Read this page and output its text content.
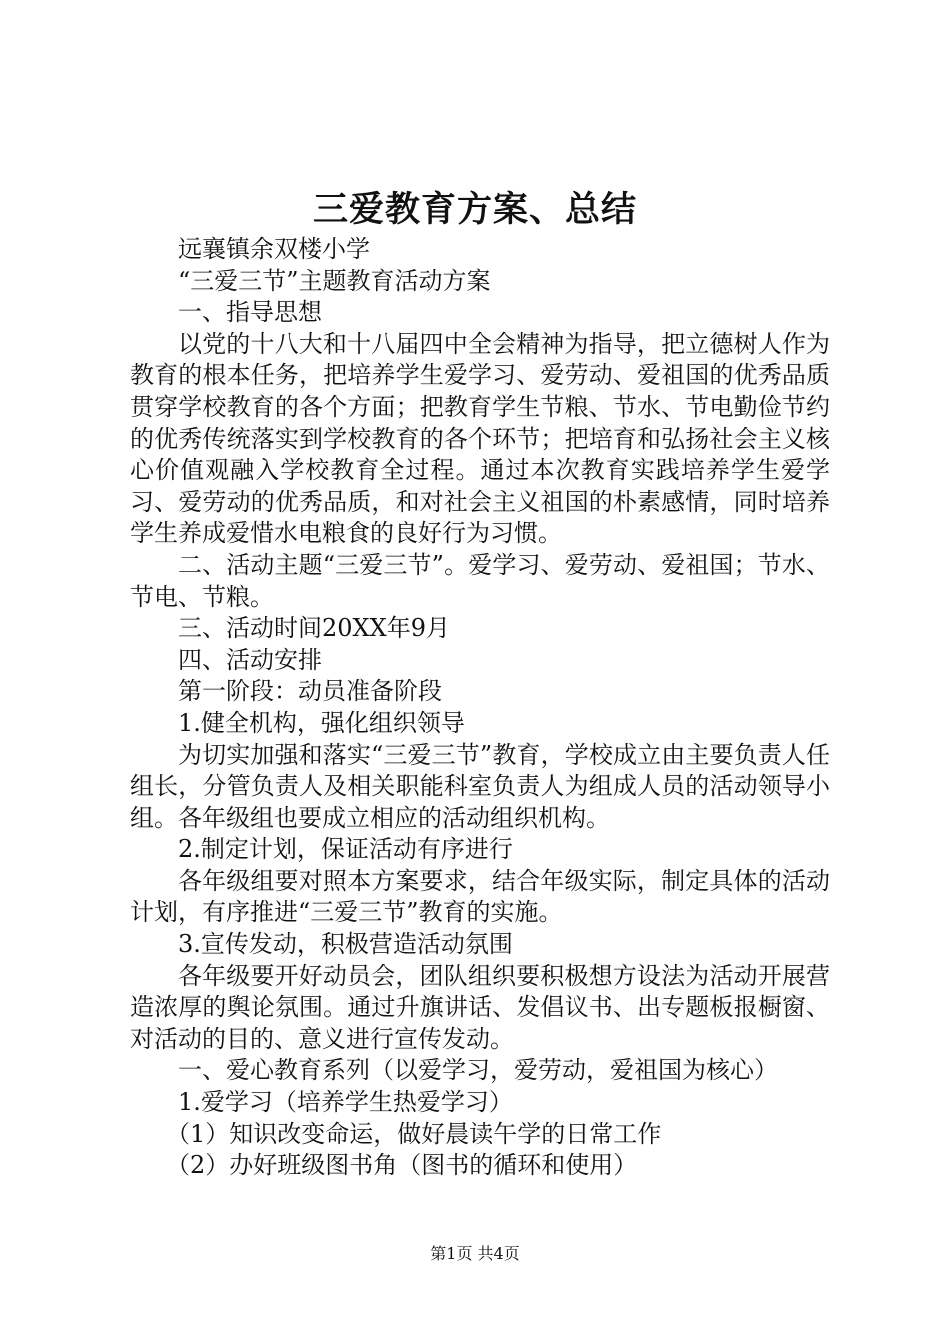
三爱教育方案、总结

远襄镇余双楼小学

“三爱三节”主题教育活动方案

一、指导思想

以党的十八大和十八届四中全会精神为指导，把立德树人作为教育的根本任务，把培养学生爱学习、爱劳动、爱祖国的优秀品质贯穿学校教育的各个方面；把教育学生节粮、节水、节电勤俭节约的优秀传统落实到学校教育的各个环节；把培育和弘扬社会主义核心价值观融入学校教育全过程。通过本次教育实践培养学生爱学习、爱劳动的优秀品质，和对社会主义祖国的朴素感情，同时培养学生养成爱惜水电粮食的良好行为习惯。

二、活动主题“三爱三节”。爱学习、爱劳动、爱祖国；节水、节电、节粮。

三、活动时间20XX年9月

四、活动安排

第一阶段：动员准备阶段

1.健全机构，强化组织领导

为切实加强和落实“三爱三节”教育，学校成立由主要负责人任组长，分管负责人及相关职能科室负责人为组成人员的活动领导小组。各年级组也要成立相应的活动组织机构。

2.制定计划，保证活动有序进行

各年级组要对照本方案要求，结合年级实际，制定具体的活动计划，有序推进“三爱三节”教育的实施。

3.宣传发动，积极营造活动氛围

各年级要开好动员会，团队组织要积极想方设法为活动开展营造浓厚的舆论氛围。通过升旗讲话、发倡议书、出专题板报橱窗、对活动的目的、意义进行宣传发动。

一、爱心教育系列（以爱学习，爱劳动，爱祖国为核心）

1.爱学习（培养学生热爱学习）

（1）知识改变命运，做好晨读午学的日常工作

（2）办好班级图书角（图书的循环和使用）

第1页 共4页
